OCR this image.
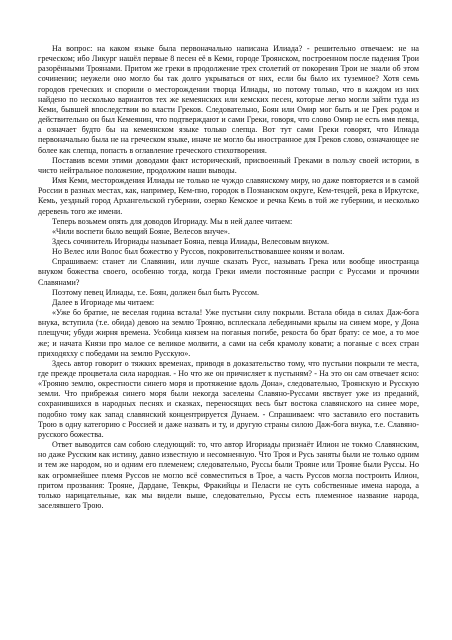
На вопрос: на каком языке была первоначально написана Илиада? - решительно отвечаем: не на греческом; ибо Ликург нашёл первые 8 песен её в Кеми, городе Троянском, построенном после падения Трои разорёнными Троянами. Притом же греки в продолжение трех столетий от покорения Трои не знали об этом сочинении; неужели оно могло бы так долго укрываться от них, если бы было их туземное? Хотя семь городов греческих и спорили о месторождении творца Илиады, но потому только, что в каждом из них найдено по несколько вариантов тех же кемеянских или кемских песен, которые легко могли зайти туда из Кеми, бывшей впоследствии во власти Греков. Следовательно, Боян или Омир мог быть и не Грек родом и действительно он был Кемеянин, что подтверждают и сами Греки, говоря, что слово Омир не есть имя певца, а означает будто бы на кемеянском языке только слепца. Вот тут сами Греки говорят, что Илиада первоначально была не на греческом языке, иначе не могло бы иностранное для Греков слово, означающее не более как слепца, попасть в оглавление греческого стихотворения.

Поставив всеми этими доводами факт исторический, присвоенный Греками в пользу своей истории, в чисто нейтральное положение, продолжим наши выводы.

Имя Кеми, месторождения Илиады не только не чуждо славянскому миру, но даже повторяется и в самой России в разных местах, как, например, Кем-пно, городок в Познанском округе, Кем-тендей, река в Иркутске, Кемь, уездный город Архангельской губернии, озерко Кемское и речка Кемь в той же губернии, и несколько деревень того же имени.

Теперь возьмем опять для доводов Игориаду. Мы в ней далее читаем:

«Чили воспети было вещий Бояне, Велесов внуче».

Здесь сочинитель Игориады называет Бояна, певца Илиады, Велесовым внуком.

Но Велес или Волос был божество у Руссов, покровительствовавшее коням и волам.

Спрашиваем: станет ли Славянин, или лучше сказать Русс, называть Грека или вообще иностранца внуком божества своего, особенно тогда, когда Греки имели постоянные распри с Руссами и прочими Славянами?

Поэтому певец Илиады, т.е. Боян, должен был быть Руссом.

Далее в Игориаде мы читаем:

«Уже бо братие, не веселая година встала! Уже пустыни силу покрыли. Встала обида в силах Даж-бога внука, вступила (т.е. обида) девою на землю Трояню, всплескала лебедиными крылы на синем море, у Дона плещучи; убуди жирня времена. Усобица князем на поганыя погибе, рекоста бо брат брату: се мое, а то мое же; и начата Князи про малое се великое молвити, а сами на себя крамолу ковати; а поганые с всех стран приходяхху с победами на землю Русскую».

Здесь автор говорит о тяжких временах, приводя в доказательство тому, что пустыни покрыли те места, где прежде процветала сила народная. - Но что же он причисляет к пустыням? - На это он сам отвечает ясно: «Трояню землю, окрестности синего моря и протяжение вдоль Дона», следовательно, Троянскую и Русскую земли. Что прибрежья синего моря были некогда заселены Славяно-Руссами явствует уже из преданий, сохранившихся в народных песнях и сказках, переносящих весь быт востока славянского на синее море, подобно тому как запад славянский концентрируется Дунаем. - Спрашиваем: что заставило его поставить Трою в одну категорию с Россией и даже назвать и ту, и другую страны силою Даж-бога внука, т.е. Славяно-русского божества.

Ответ выводится сам собою следующий: то, что автор Игориады признаёт Илион не токмо Славянским, но даже Русским как истину, давно известную и несомненную. Что Троя и Русь заняты были не только одним и тем же народом, но и одним его племенем; следовательно, Руссы были Трояне или Трояне были Руссы. Но как огромнейшее племя Руссов не могло всё совместиться в Трое, а часть Руссов могла построить Илион, притом прозвания: Трояне, Дардане, Тевкры, Фракийцы и Пеласги не суть собственные имена народа, а только нарицательные, как мы видели выше, следовательно, Руссы есть племенное название народа, заселявшего Трою.
